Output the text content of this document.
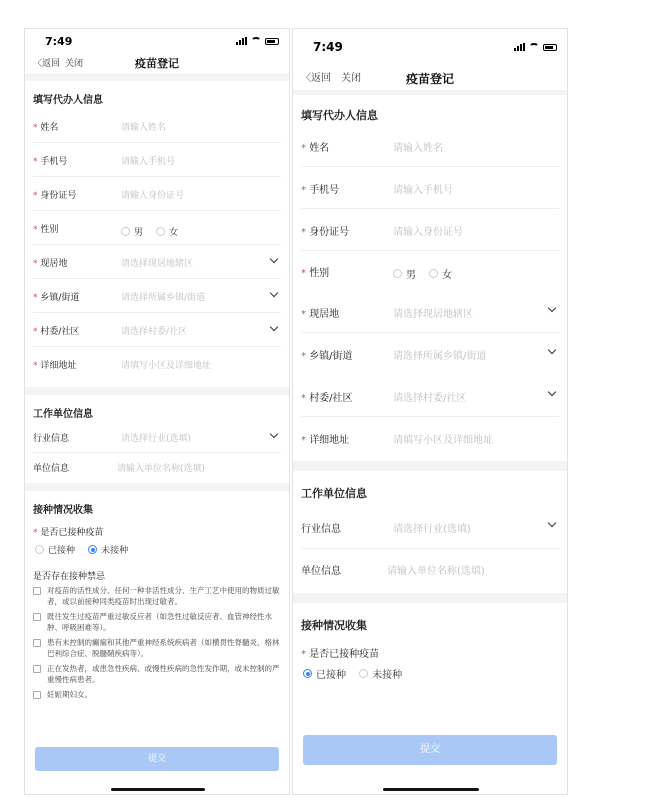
7:49
〈返回 关闭	疫苗登记
填写代办人信息
* 姓名	请输入姓名
* 手机号	请输入手机号
* 身份证号	请输入身份证号
* 性别	男	女
* 现居地	请选择现居地辖区
* 乡镇/街道	请选择所属乡镇/街道
* 村委/社区	请选择村委/社区
* 详细地址	请填写小区及详细地址
工作单位信息
行业信息	请选择行业(选填)
单位信息	请输入单位名称(选填)
接种情况收集
* 是否已接种疫苗
已接种	未接种
是否存在接种禁忌
对疫苗的活性成分、任何一种非活性成分、生产工艺中使用的物质过敏者，或以前接种同类疫苗时出现过敏者。
既往发生过疫苗严重过敏反应者（如急性过敏反应者、血管神经性水肿、呼吸困难等）。
患有未控制的癫痫和其他严重神经系统疾病者（如横贯性脊髓炎、格林巴利综合症、脱髓鞘疾病等）。
正在发热者，或患急性疾病、或慢性疾病的急性发作期，或未控制的严重慢性病患者。
妊娠期妇女。
提交
7:49
〈返回 关闭	疫苗登记
填写代办人信息
* 姓名	请输入姓名
* 手机号	请输入手机号
* 身份证号	请输入身份证号
* 性别	男	女
* 现居地	请选择现居地辖区
* 乡镇/街道	请选择所属乡镇/街道
* 村委/社区	请选择村委/社区
* 详细地址	请填写小区及详细地址
工作单位信息
行业信息	请选择行业(选填)
单位信息	请输入单位名称(选填)
接种情况收集
* 是否已接种疫苗
已接种	未接种
提交
